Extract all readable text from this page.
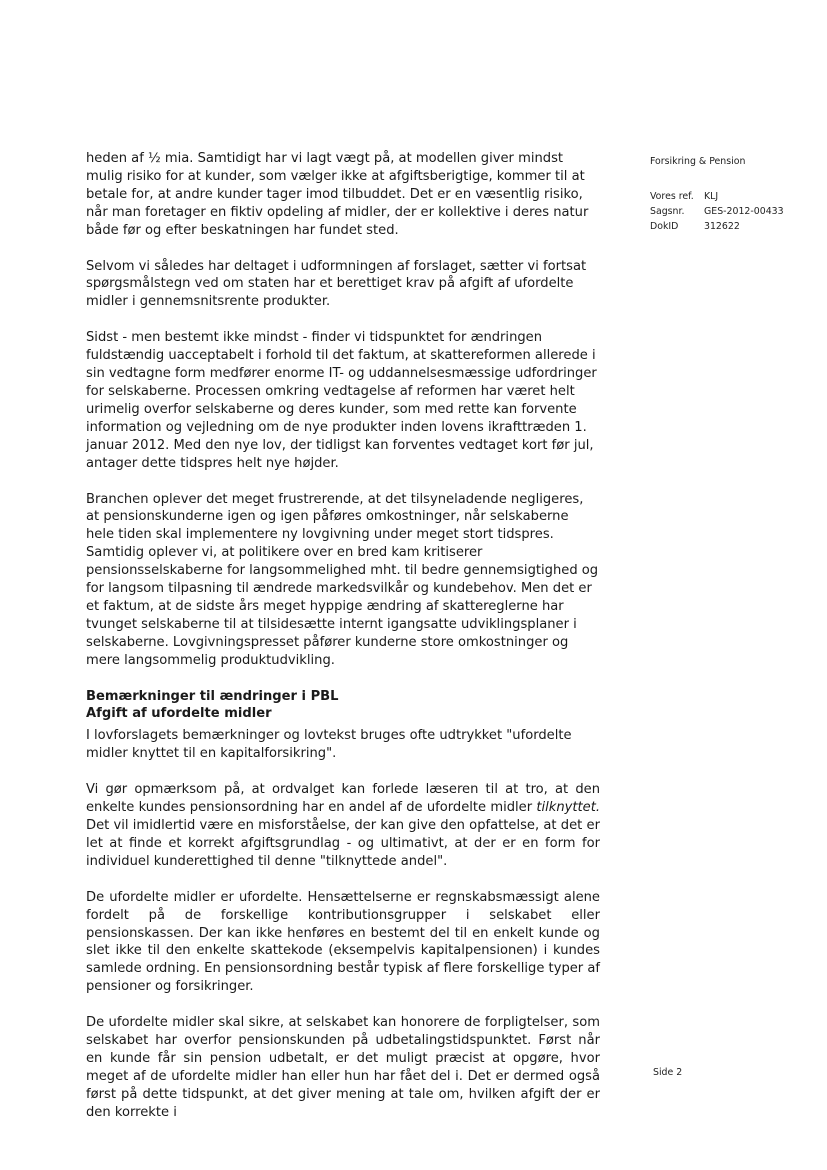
heden af ½ mia. Samtidigt har vi lagt vægt på, at modellen giver mindst mulig risiko for at kunder, som vælger ikke at afgiftsberigtige, kommer til at betale for, at andre kunder tager imod tilbuddet. Det er en væsentlig risiko, når man foretager en fiktiv opdeling af midler, der er kollektive i deres natur både før og efter beskatningen har fundet sted.

Selvom vi således har deltaget i udformningen af forslaget, sætter vi fortsat spørgsmålstegn ved om staten har et berettiget krav på afgift af ufordelte midler i gennemsnitsrente produkter.

Sidst - men bestemt ikke mindst - finder vi tidspunktet for ændringen fuldstændig uacceptabelt i forhold til det faktum, at skattereformen allerede i sin vedtagne form medfører enorme IT- og uddannelsesmæssige udfordringer for selskaberne. Processen omkring vedtagelse af reformen har været helt urimelig overfor selskaberne og deres kunder, som med rette kan forvente information og vejledning om de nye produkter inden lovens ikrafttræden 1. januar 2012. Med den nye lov, der tidligst kan forventes vedtaget kort før jul, antager dette tidspres helt nye højder.

Branchen oplever det meget frustrerende, at det tilsyneladende negligeres, at pensionskunderne igen og igen påføres omkostninger, når selskaberne hele tiden skal implementere ny lovgivning under meget stort tidspres. Samtidig oplever vi, at politikere over en bred kam kritiserer pensionsselskaberne for langsommelighed mht. til bedre gennemsigtighed og for langsom tilpasning til ændrede markedsvilkår og kundebehov. Men det er et faktum, at de sidste års meget hyppige ændring af skattereglerne har tvunget selskaberne til at tilsidesætte internt igangsatte udviklingsplaner i selskaberne. Lovgivningspresset påfører kunderne store omkostninger og mere langsommelig produktudvikling.

Bemærkninger til ændringer i PBL
Afgift af ufordelte midler

I lovforslagets bemærkninger og lovtekst bruges ofte udtrykket "ufordelte midler knyttet til en kapitalforsikring".

Vi gør opmærksom på, at ordvalget kan forlede læseren til at tro, at den enkelte kundes pensionsordning har en andel af de ufordelte midler tilknyttet. Det vil imidlertid være en misforståelse, der kan give den opfattelse, at det er let at finde et korrekt afgiftsgrundlag - og ultimativt, at der er en form for individuel kunderettighed til denne "tilknyttede andel".

De ufordelte midler er ufordelte. Hensættelserne er regnskabsmæssigt alene fordelt på de forskellige kontributionsgrupper i selskabet eller pensionskassen. Der kan ikke henføres en bestemt del til en enkelt kunde og slet ikke til den enkelte skattekode (eksempelvis kapitalpensionen) i kundes samlede ordning. En pensionsordning består typisk af flere forskellige typer af pensioner og forsikringer.

De ufordelte midler skal sikre, at selskabet kan honorere de forpligtelser, som selskabet har overfor pensionskunden på udbetalingstidspunktet. Først når en kunde får sin pension udbetalt, er det muligt præcist at opgøre, hvor meget af de ufordelte midler han eller hun har fået del i. Det er dermed også først på dette tidspunkt, at det giver mening at tale om, hvilken afgift der er den korrekte i

Forsikring & Pension
Vores ref.	KLJ
Sagsnr.	GES-2012-00433
DokID	312622
Side 2
